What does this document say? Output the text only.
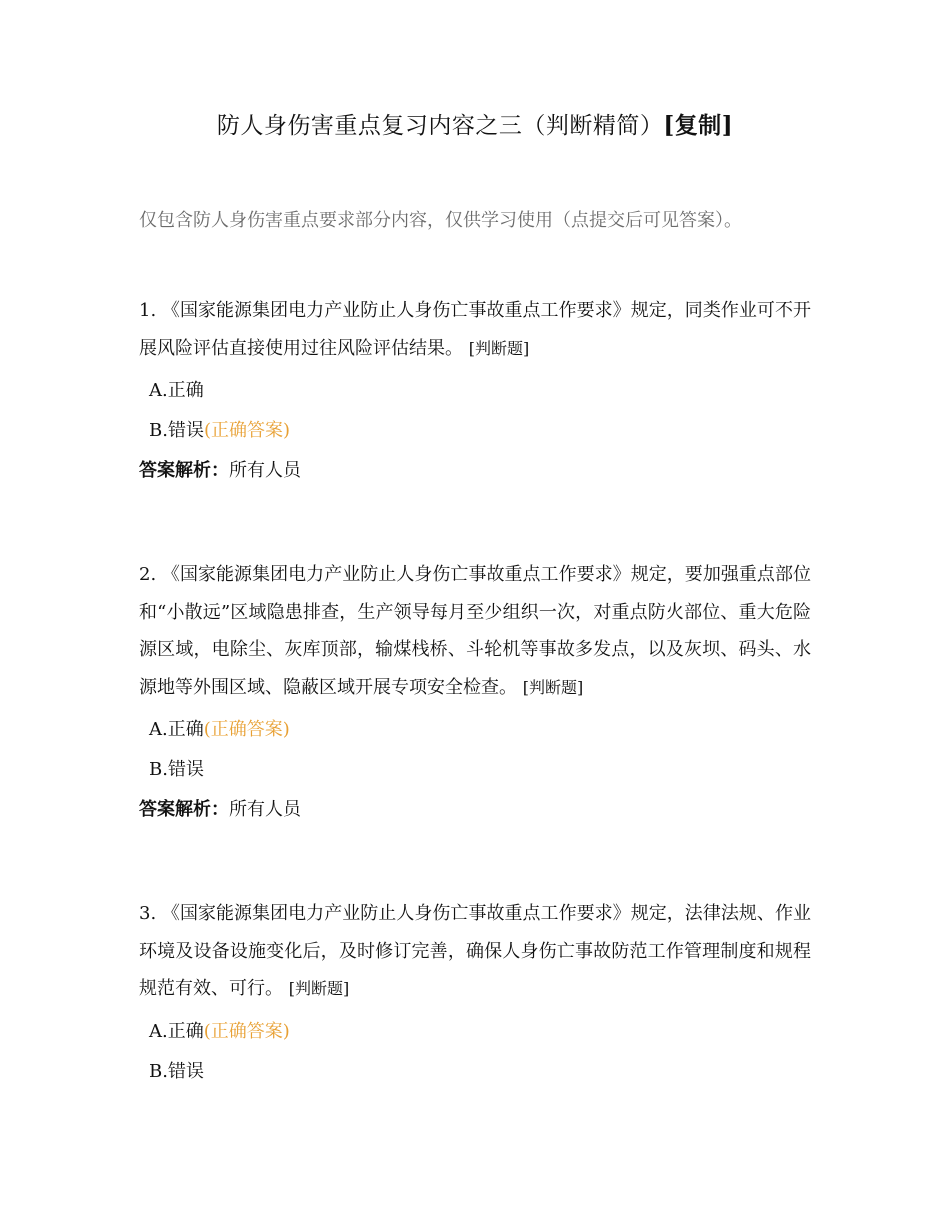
防人身伤害重点复习内容之三（判断精简）[复制]
仅包含防人身伤害重点要求部分内容，仅供学习使用（点提交后可见答案）。

1. 《国家能源集团电力产业防止人身伤亡事故重点工作要求》规定，同类作业可不开展风险评估直接使用过往风险评估结果。 [判断题]

A.正确
B.错误 (正确答案)
答案解析： 所有人员

2. 《国家能源集团电力产业防止人身伤亡事故重点工作要求》规定，要加强重点部位和“小散远”区域隐患排查，生产领导每月至少组织一次，对重点防火部位、重大危险源区域，电除尘、灰库顶部，输煤栈桥、斗轮机等事故多发点，以及灰坝、码头、水源地等外围区域、隐蔽区域开展专项安全检查。 [判断题]

A.正确 (正确答案)
B.错误
答案解析： 所有人员

3. 《国家能源集团电力产业防止人身伤亡事故重点工作要求》规定，法律法规、作业环境及设备设施变化后，及时修订完善，确保人身伤亡事故防范工作管理制度和规程规范有效、可行。 [判断题]

A.正确 (正确答案)
B.错误
